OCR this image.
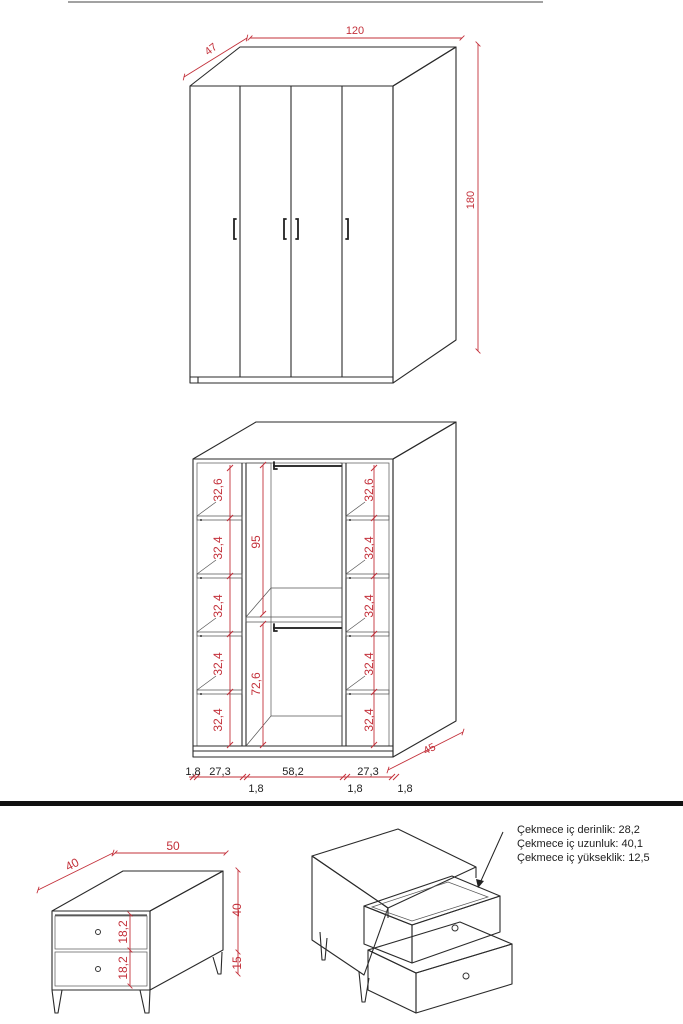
120
47
180
32,6
32,4
32,4
32,4
32,4
32,6
32,4
32,4
32,4
32,4
95
72,6
45
1,8 27,3	58,2	27,3
1,8	1,8	1,8
50
40
40
15
18,2
18,2
Çekmece iç derinlik: 28,2
Çekmece iç uzunluk: 40,1
Çekmece iç yükseklik: 12,5
